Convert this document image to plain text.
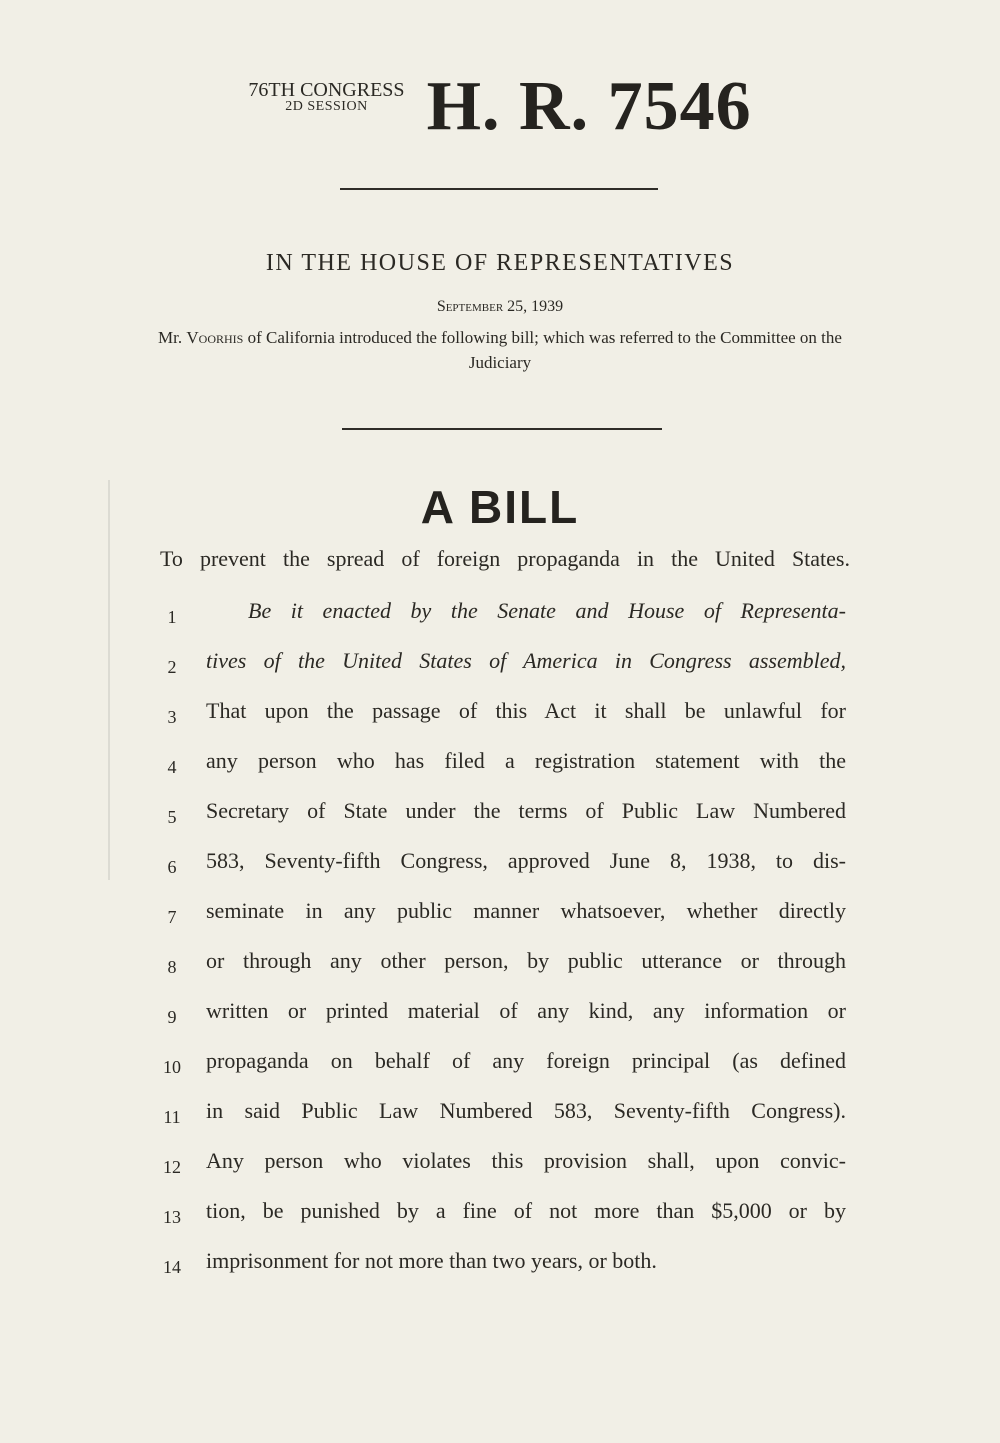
76TH CONGRESS
2D SESSION H. R. 7546
IN THE HOUSE OF REPRESENTATIVES
September 25, 1939
Mr. Voorhis of California introduced the following bill; which was referred to the Committee on the Judiciary
A BILL
To prevent the spread of foreign propaganda in the United States.
1	Be it enacted by the Senate and House of Representa-
2	tives of the United States of America in Congress assembled,
3	That upon the passage of this Act it shall be unlawful for
4	any person who has filed a registration statement with the
5	Secretary of State under the terms of Public Law Numbered
6	583, Seventy-fifth Congress, approved June 8, 1938, to dis-
7	seminate in any public manner whatsoever, whether directly
8	or through any other person, by public utterance or through
9	written or printed material of any kind, any information or
10	propaganda on behalf of any foreign principal (as defined
11	in said Public Law Numbered 583, Seventy-fifth Congress).
12	Any person who violates this provision shall, upon convic-
13	tion, be punished by a fine of not more than $5,000 or by
14	imprisonment for not more than two years, or both.
